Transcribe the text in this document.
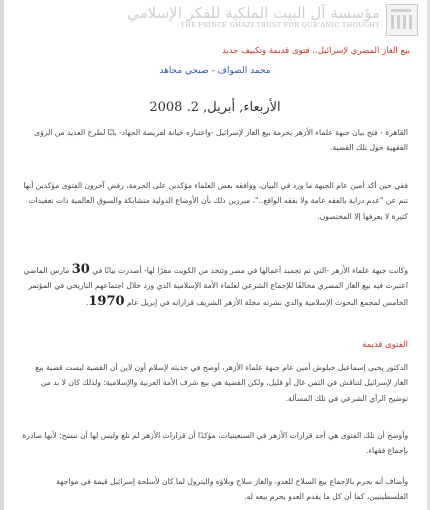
مؤسسة آل البيت الملكية للفكر الإسلامي
THE PRINCE GHAZI TRUST FOR QUR'ANIC THOUGHT
بيع الغاز المصري لإسرائيل.. فتوى قديمة وتكييف جديد
محمد الصواف - صبحي مجاهد
الأربعاء, أبريل, 2. 2008
القاهرة - فتح بيان جبهة علماء الأزهر بحرمة بيع الغاز لإسرائيل -واعتباره خيانة لفريضة الجهاد- بابًا لطرح العديد من الرؤى الفقهية حول تلك القضية.
ففي حين أكد أمين عام الجبهة ما ورد في البيان، ووافقه بعض العلماء مؤكدين على الحرمة، رفض آخرون الفتوى مؤكدين أنها تنم عن "عدم دراية بالفقه عامة ولا بفقه الواقع.."، مبررين ذلك بأن الأوضاع الدولية متشابكة والسوق العالمية ذات تعقيدات كثيرة لا يعرفها إلا المختصون.
وكانت جبهة علماء الأزهر -التي تم تجميد أعمالها في مصر وتتخذ من الكويت مقرًا لها- أصدرت بيانًا في 30 مارس الماضي اعتبرت فيه بيع الغاز المصري مخالفًا للإجماع الشرعي لعلماء الأمة الإسلامية الذي ورد خلال اجتماعهم التاريخي في المؤتمر الخامس لمجمع البحوث الإسلامية والذي نشرته مجلة الأزهر الشريف قراراته في إبريل عام 1970.
الفتوى قديمة
الدكتور يحيى إسماعيل حبلوش أمين عام جبهة علماء الأزهر، أوضح في حديثه لإسلام أون لاين أن القضية ليست قضية بيع الغاز لإسرائيل لتناقش في الثمن غال أو قليل، ولكن القضية هي بيع شرف الأمة العربية والإسلامية؛ ولذلك كان لا بد من توضيح الرأي الشرعي في تلك المسألة.
وأوضح أن تلك الفتوى هي أحد قرارات الأزهر في السبعينيات، مؤكدًا أن قرارات الأزهر لم تلغ وليس لها أن تنسخ؛ لأنها صادرة بإجماع فقهاء.
وأضاف أنه يحرم بالإجماع بيع السلاح للعدو، والغاز سلاح وبلاؤه والبترول لما كان لأسلحة إسرائيل قيمة في مواجهة الفلسطينيين، كما أن كل ما يقدم العدو يحرم بيعه له.
